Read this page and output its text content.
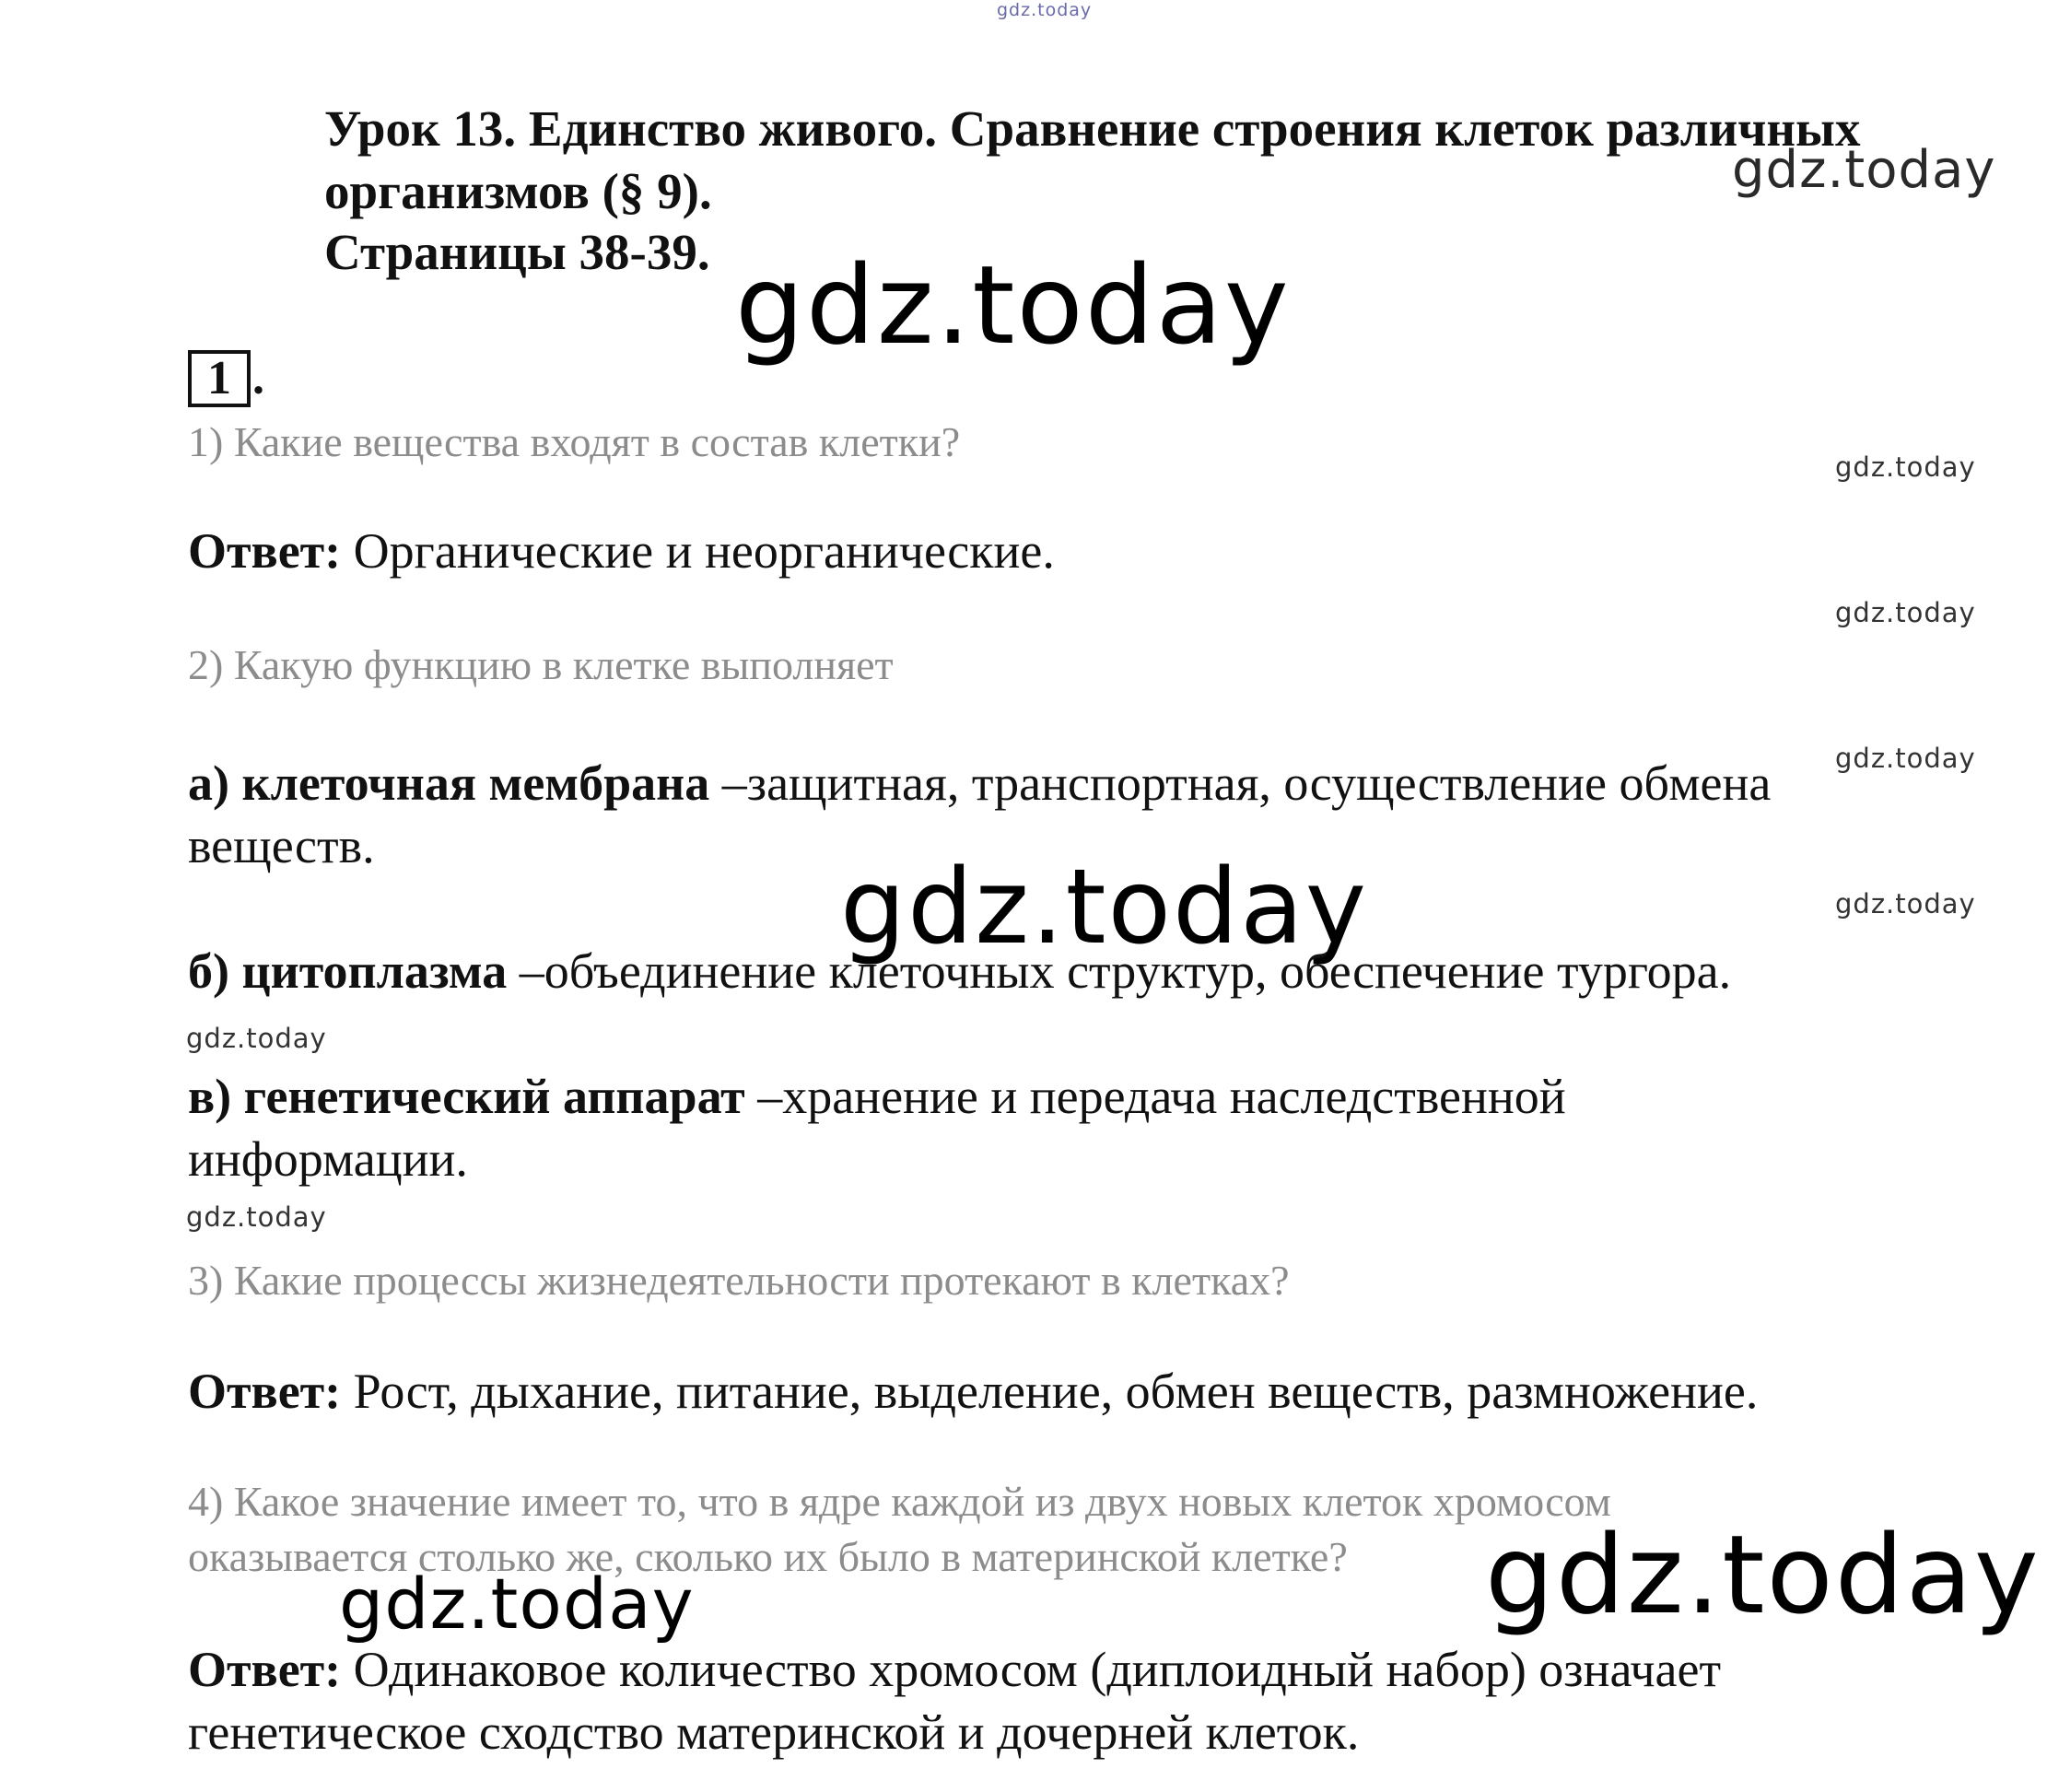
gdz.today
Урок 13. Единство живого. Сравнение строения клеток различных
организмов (§ 9).
Страницы 38-39.
gdz.today
gdz.today
1 .
1) Какие вещества входят в состав клетки?
gdz.today
Ответ: Органические и неорганические.
gdz.today
2) Какую функцию в клетке выполняет
gdz.today
а) клеточная мембрана –защитная, транспортная, осуществление обмена
веществ.
gdz.today	gdz.today
б) цитоплазма –объединение клеточных структур, обеспечение тургора.
gdz.today
в) генетический аппарат –хранение и передача наследственной
информации.
gdz.today
3) Какие процессы жизнедеятельности протекают в клетках?
Ответ: Рост, дыхание, питание, выделение, обмен веществ, размножение.
4) Какое значение имеет то, что в ядре каждой из двух новых клеток хромосом
оказывается столько же, сколько их было в материнской клетке? gdz.today
gdz.today
Ответ: Одинаковое количество хромосом (диплоидный набор) означает
генетическое сходство материнской и дочерней клеток.
